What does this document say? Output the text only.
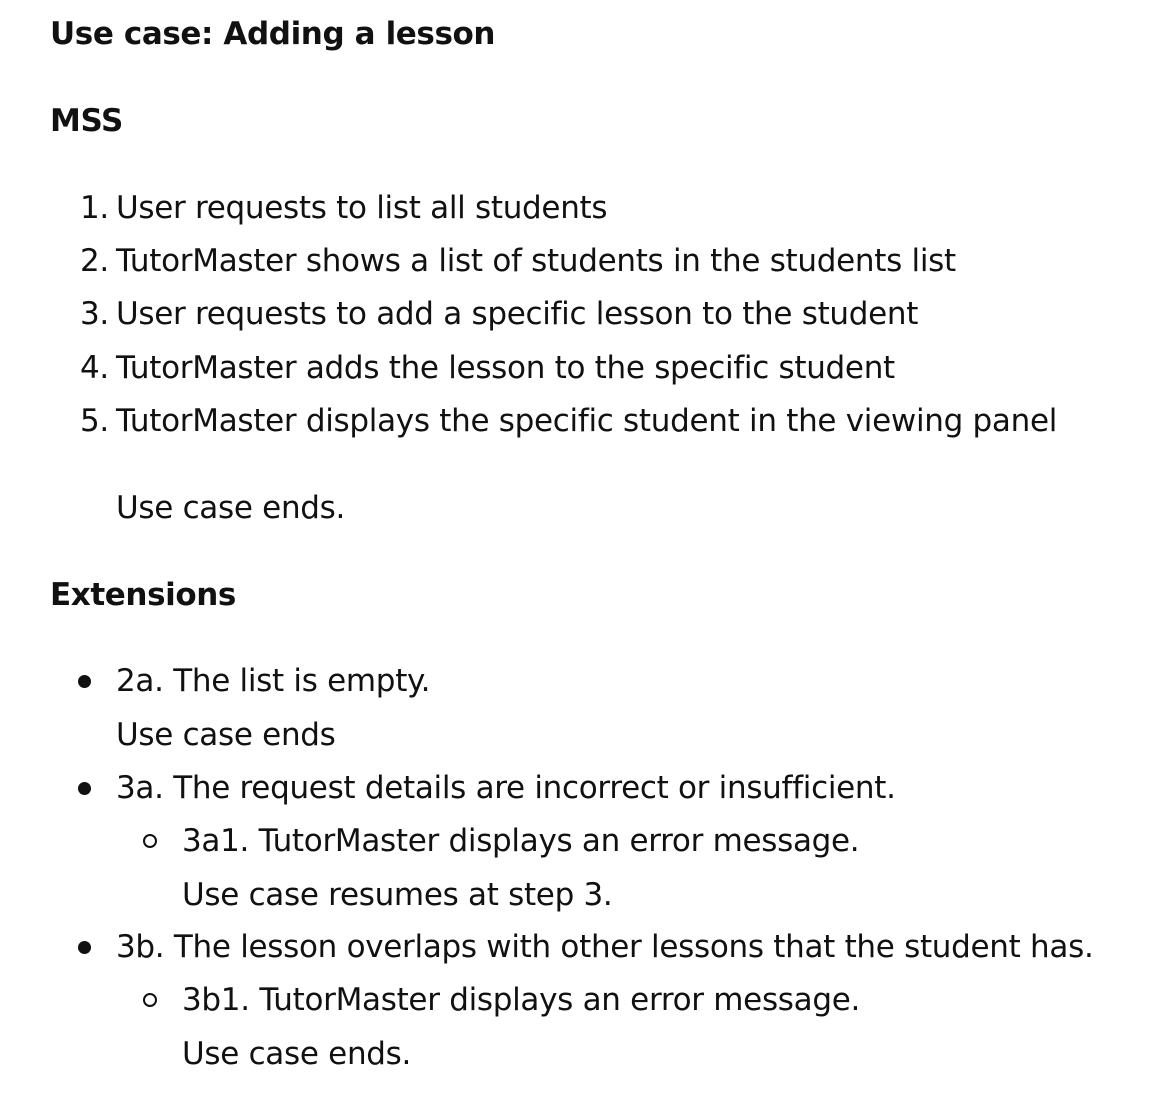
Use case: Adding a lesson
MSS
1. User requests to list all students
2. TutorMaster shows a list of students in the students list
3. User requests to add a specific lesson to the student
4. TutorMaster adds the lesson to the specific student
5. TutorMaster displays the specific student in the viewing panel

Use case ends.

Extensions
2a. The list is empty.
Use case ends
3a. The request details are incorrect or insufficient.
3a1. TutorMaster displays an error message.
Use case resumes at step 3.
3b. The lesson overlaps with other lessons that the student has.
3b1. TutorMaster displays an error message.
Use case ends.
